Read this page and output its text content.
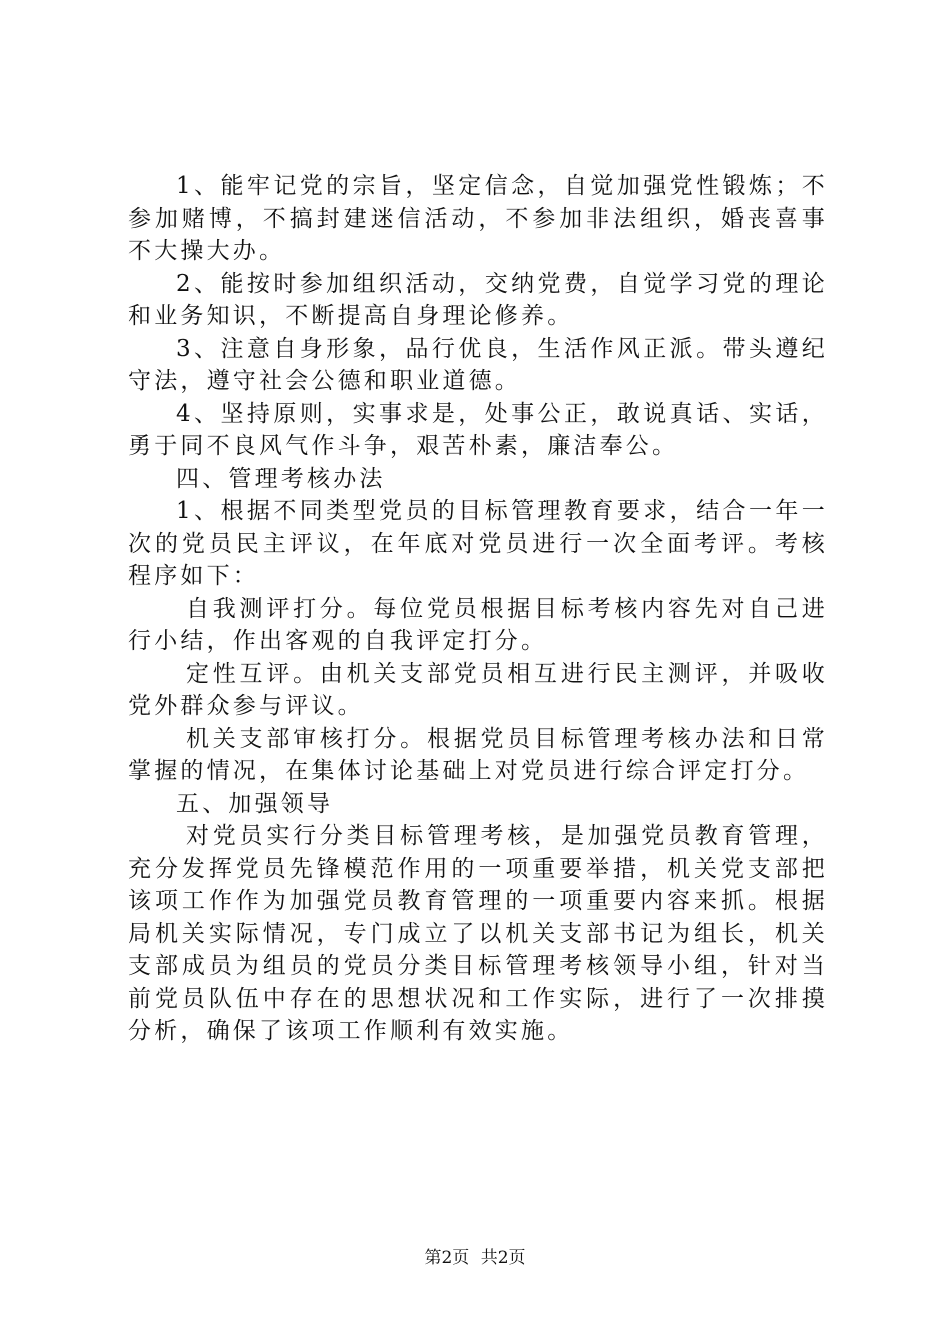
1、能牢记党的宗旨，坚定信念，自觉加强党性锻炼；不参加赌博，不搞封建迷信活动，不参加非法组织，婚丧喜事不大操大办。

2、能按时参加组织活动，交纳党费，自觉学习党的理论和业务知识，不断提高自身理论修养。

3、注意自身形象，品行优良，生活作风正派。带头遵纪守法，遵守社会公德和职业道德。

4、坚持原则，实事求是，处事公正，敢说真话、实话，勇于同不良风气作斗争，艰苦朴素，廉洁奉公。

四、管理考核办法

1、根据不同类型党员的目标管理教育要求，结合一年一次的党员民主评议，在年底对党员进行一次全面考评。考核程序如下：

自我测评打分。每位党员根据目标考核内容先对自己进行小结，作出客观的自我评定打分。

定性互评。由机关支部党员相互进行民主测评，并吸收党外群众参与评议。

机关支部审核打分。根据党员目标管理考核办法和日常掌握的情况，在集体讨论基础上对党员进行综合评定打分。

五、加强领导

对党员实行分类目标管理考核，是加强党员教育管理，充分发挥党员先锋模范作用的一项重要举措，机关党支部把该项工作作为加强党员教育管理的一项重要内容来抓。根据局机关实际情况，专门成立了以机关支部书记为组长，机关支部成员为组员的党员分类目标管理考核领导小组，针对当前党员队伍中存在的思想状况和工作实际，进行了一次排摸分析，确保了该项工作顺利有效实施。

第2页 共2页
